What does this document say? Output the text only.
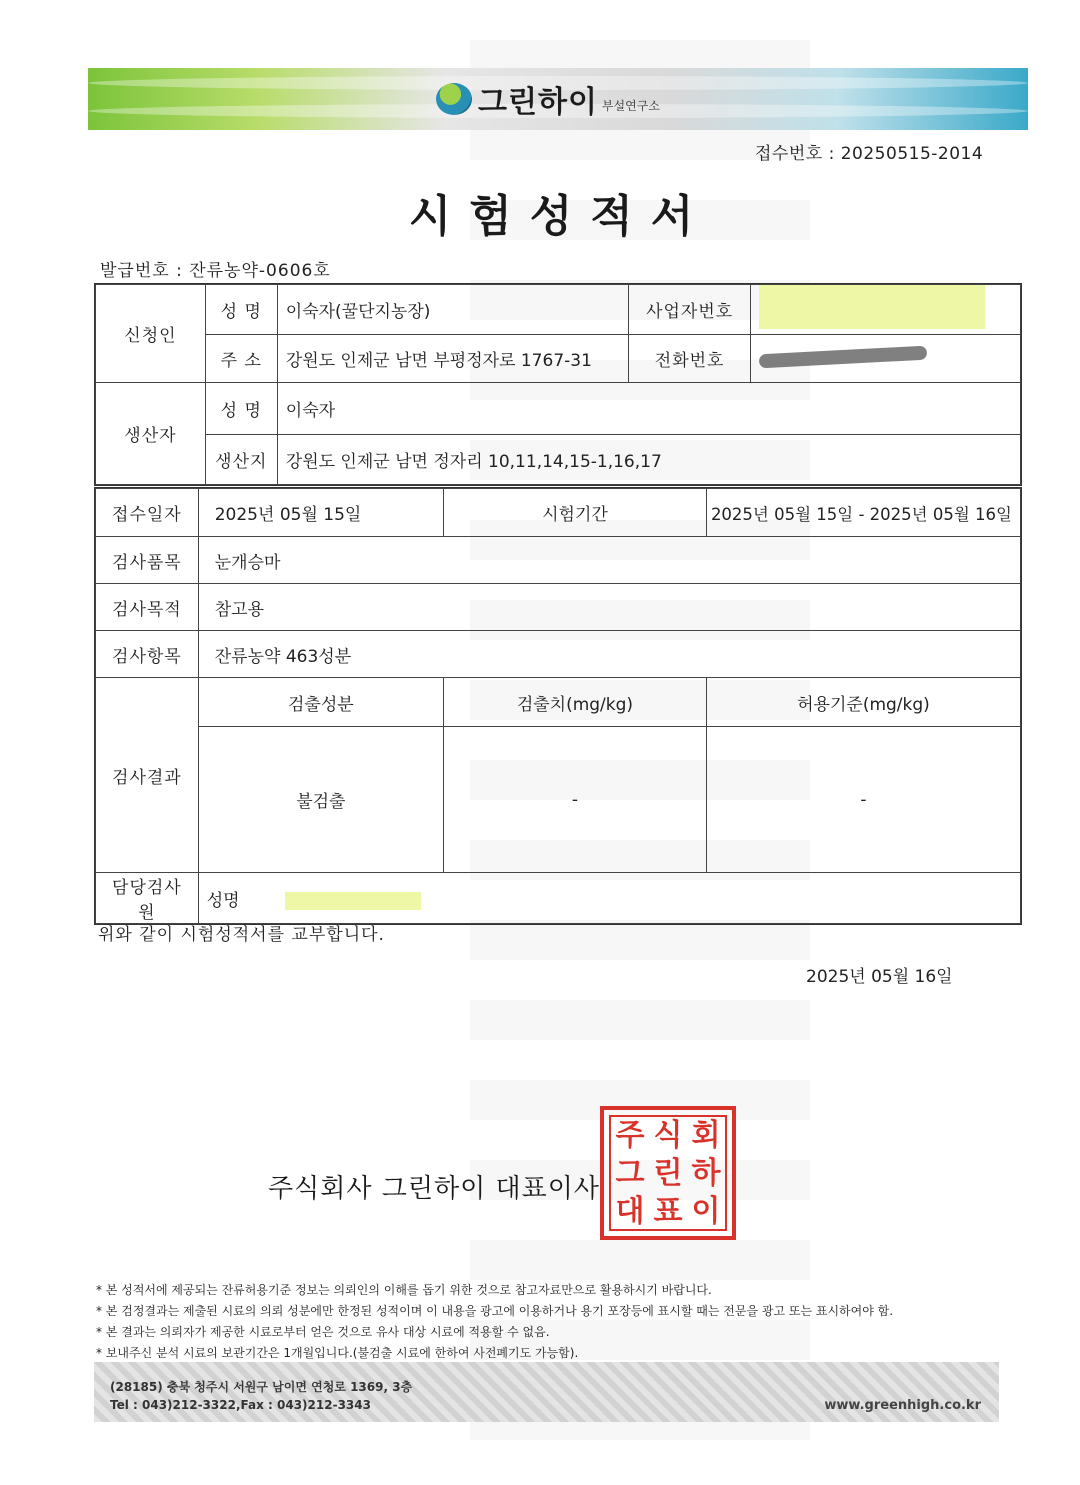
그린하이 부설연구소
접수번호 : 20250515-2014
시험성적서
발급번호 : 잔류농약-0606호
신청인	성 명	이숙자(꿀단지농장)	사업자번호	
	주 소	강원도 인제군 남면 부평정자로 1767-31	전화번호	
생산자	성 명	이숙자		
	생산지	강원도 인제군 남면 정자리 10,11,14,15-1,16,17		
접수일자	2025년 05월 15일	시험기간	2025년 05월 15일 - 2025년 05월 16일
검사품목	눈개승마		
검사목적	참고용		
검사항목	잔류농약 463성분		
검사결과	검출성분	검출치(mg/kg)	허용기준(mg/kg)
	불검출	-	-
담당검사원	성명		
위와 같이 시험성적서를 교부합니다.
2025년 05월 16일
주식회사 그린하이 대표이사
주 식 회
그 린 하
대 표 이
* 본 성적서에 제공되는 잔류허용기준 정보는 의뢰인의 이해를 돕기 위한 것으로 참고자료만으로 활용하시기 바랍니다.
* 본 검정결과는 제출된 시료의 의뢰 성분에만 한정된 성적이며 이 내용을 광고에 이용하거나 용기 포장등에 표시할 때는 전문을 광고 또는 표시하여야 함.
* 본 결과는 의뢰자가 제공한 시료로부터 얻은 것으로 유사 대상 시료에 적용할 수 없음.
* 보내주신 분석 시료의 보관기간은 1개월입니다.(불검출 시료에 한하여 사전폐기도 가능함).
(28185) 충북 청주시 서원구 남이면 연청로 1369, 3층
Tel : 043)212-3322,Fax : 043)212-3343	www.greenhigh.co.kr
